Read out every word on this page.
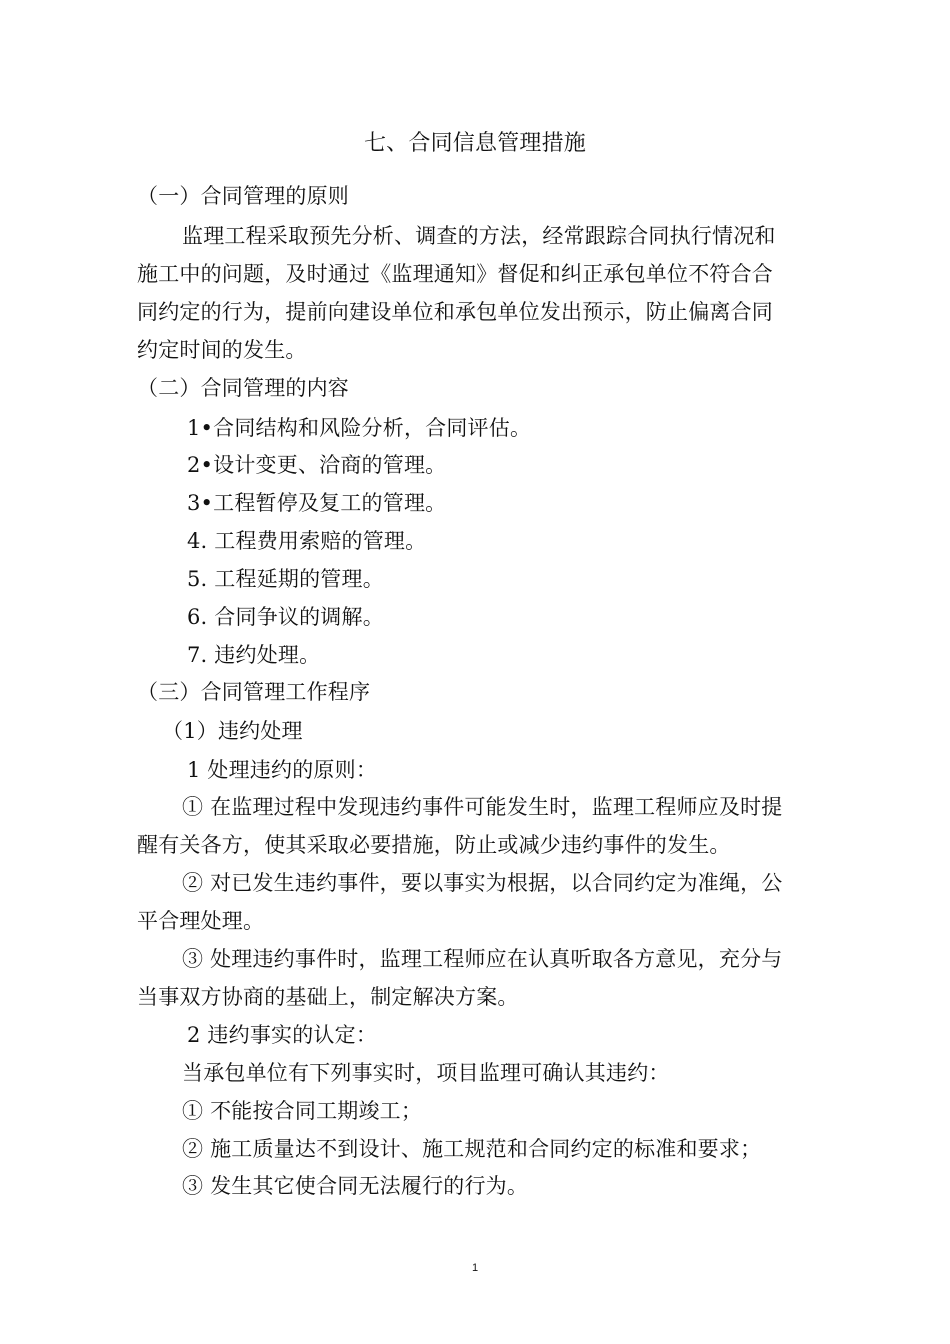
七、合同信息管理措施
（一）合同管理的原则
监理工程采取预先分析、调查的方法，经常跟踪合同执行情况和
施工中的问题，及时通过《监理通知》督促和纠正承包单位不符合合
同约定的行为，提前向建设单位和承包单位发出预示，防止偏离合同
约定时间的发生。
（二）合同管理的内容
1•合同结构和风险分析，合同评估。
2•设计变更、洽商的管理。
3•工程暂停及复工的管理。
4. 工程费用索赔的管理。
5. 工程延期的管理。
6. 合同争议的调解。
7. 违约处理。
（三）合同管理工作程序
（1）违约处理
1 处理违约的原则：
① 在监理过程中发现违约事件可能发生时，监理工程师应及时提
醒有关各方，使其采取必要措施，防止或减少违约事件的发生。
② 对已发生违约事件，要以事实为根据，以合同约定为准绳，公
平合理处理。
③ 处理违约事件时，监理工程师应在认真听取各方意见，充分与
当事双方协商的基础上，制定解决方案。
2 违约事实的认定：
当承包单位有下列事实时，项目监理可确认其违约：
① 不能按合同工期竣工；
② 施工质量达不到设计、施工规范和合同约定的标准和要求；
③ 发生其它使合同无法履行的行为。
1
